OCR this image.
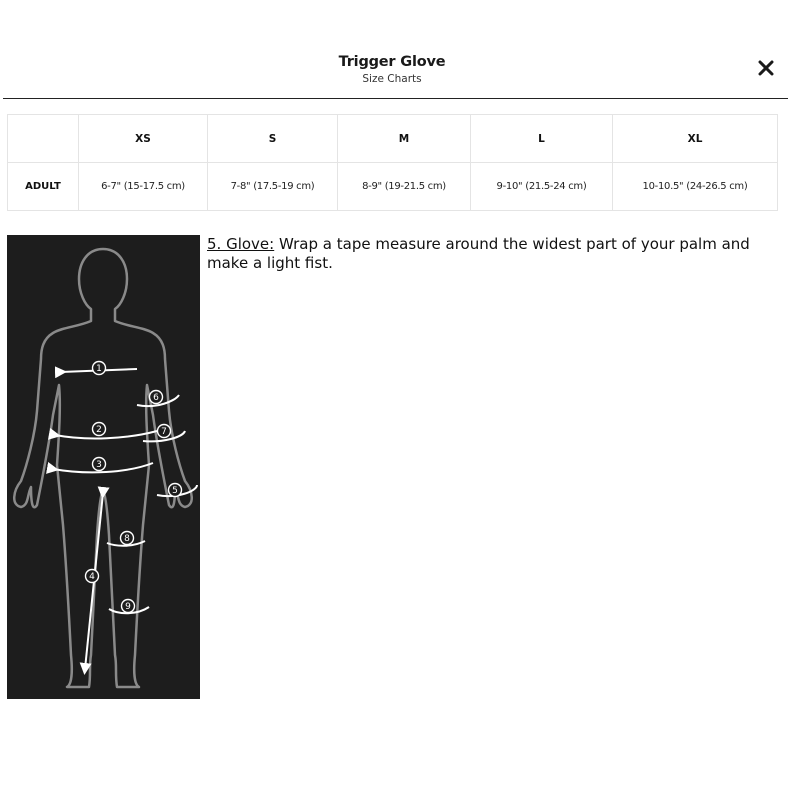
Trigger Glove
Size Charts
	XS	S	M	L	XL
ADULT	6-7" (15-17.5 cm)	7-8" (17.5-19 cm)	8-9" (19-21.5 cm)	9-10" (21.5-24 cm)	10-10.5" (24-26.5 cm)
1
2
3
4
5
6
7
8
9
5. Glove: Wrap a tape measure around the widest part of your palm and make a light fist.
